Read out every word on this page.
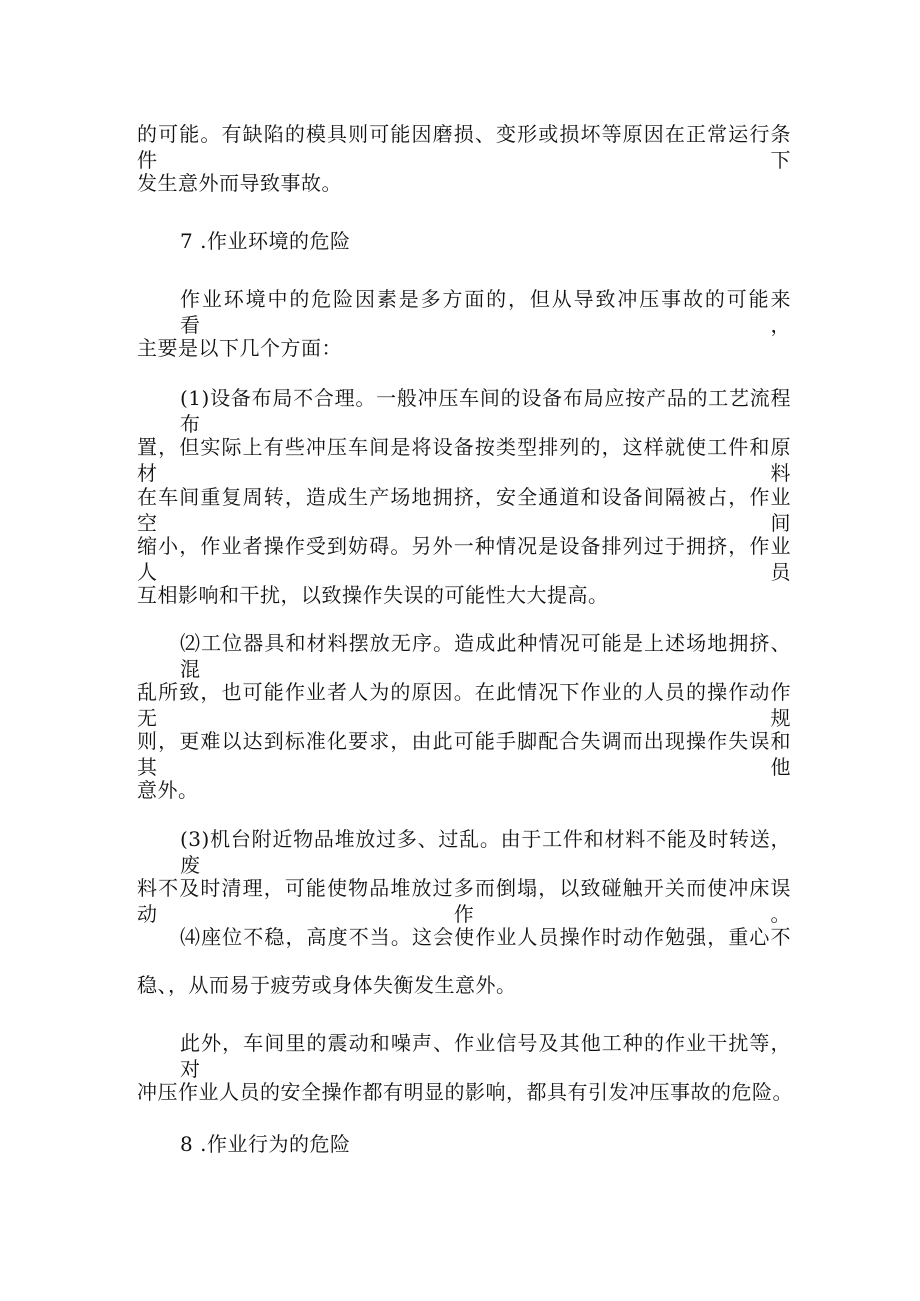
的可能。有缺陷的模具则可能因磨损、变形或损坏等原因在正常运行条件下
发生意外而导致事故。
7 .作业环境的危险
作业环境中的危险因素是多方面的，但从导致冲压事故的可能来看，
主要是以下几个方面：
(1)设备布局不合理。一般冲压车间的设备布局应按产品的工艺流程布
置，但实际上有些冲压车间是将设备按类型排列的，这样就使工件和原材料
在车间重复周转，造成生产场地拥挤，安全通道和设备间隔被占，作业空间
缩小，作业者操作受到妨碍。另外一种情况是设备排列过于拥挤，作业人员
互相影响和干扰，以致操作失误的可能性大大提高。
⑵工位器具和材料摆放无序。造成此种情况可能是上述场地拥挤、混
乱所致，也可能作业者人为的原因。在此情况下作业的人员的操作动作无规
则，更难以达到标准化要求，由此可能手脚配合失调而出现操作失误和其他
意外。
(3)机台附近物品堆放过多、过乱。由于工件和材料不能及时转送，废
料不及时清理，可能使物品堆放过多而倒塌，以致碰触开关而使冲床误动作。
⑷座位不稳，高度不当。这会使作业人员操作时动作勉强，重心不
稳、，从而易于疲劳或身体失衡发生意外。
此外，车间里的震动和噪声、作业信号及其他工种的作业干扰等，对
冲压作业人员的安全操作都有明显的影响，都具有引发冲压事故的危险。
8 .作业行为的危险
